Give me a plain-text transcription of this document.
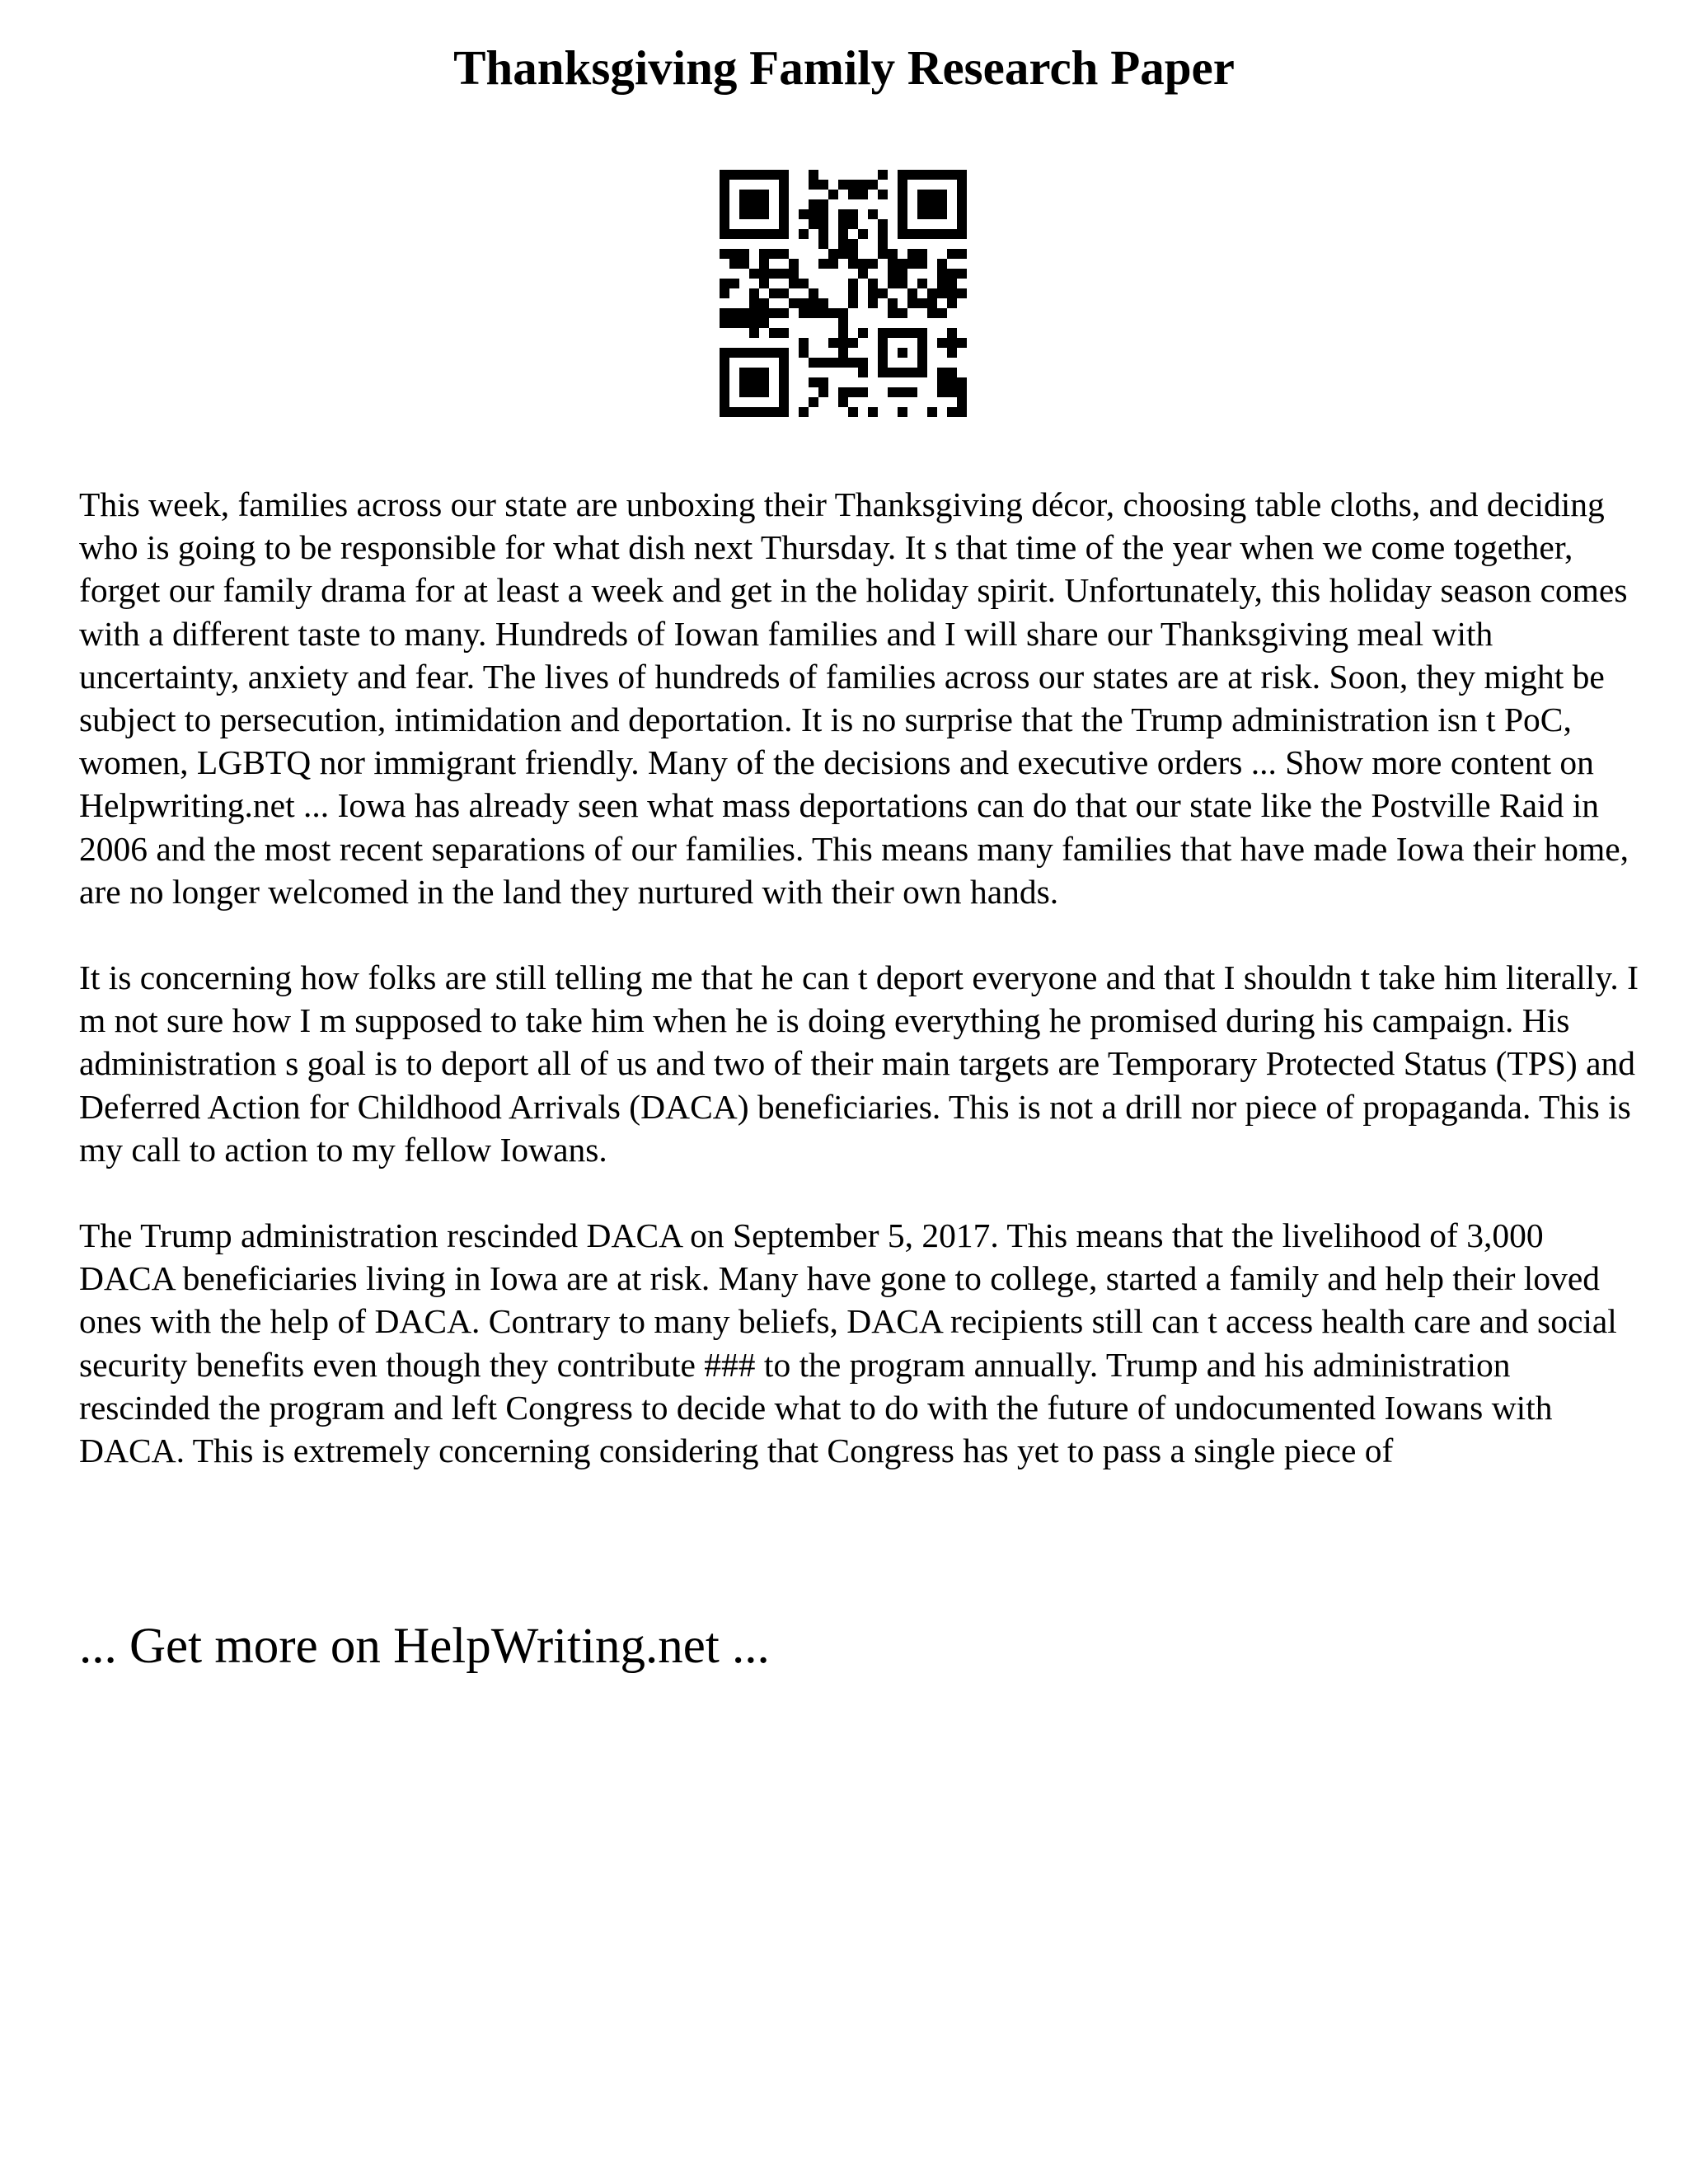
Thanksgiving Family Research Paper

This week, families across our state are unboxing their Thanksgiving décor, choosing table cloths, and deciding who is going to be responsible for what dish next Thursday. It s that time of the year when we come together, forget our family drama for at least a week and get in the holiday spirit. Unfortunately, this holiday season comes with a different taste to many. Hundreds of Iowan families and I will share our Thanksgiving meal with uncertainty, anxiety and fear. The lives of hundreds of families across our states are at risk. Soon, they might be subject to persecution, intimidation and deportation. It is no surprise that the Trump administration isn t PoC, women, LGBTQ nor immigrant friendly. Many of the decisions and executive orders ... Show more content on Helpwriting.net ... Iowa has already seen what mass deportations can do that our state like the Postville Raid in 2006 and the most recent separations of our families. This means many families that have made Iowa their home, are no longer welcomed in the land they nurtured with their own hands.

It is concerning how folks are still telling me that he can t deport everyone and that I shouldn t take him literally. I m not sure how I m supposed to take him when he is doing everything he promised during his campaign. His administration s goal is to deport all of us and two of their main targets are Temporary Protected Status (TPS) and Deferred Action for Childhood Arrivals (DACA) beneficiaries. This is not a drill nor piece of propaganda. This is my call to action to my fellow Iowans.

The Trump administration rescinded DACA on September 5, 2017. This means that the livelihood of 3,000 DACA beneficiaries living in Iowa are at risk. Many have gone to college, started a family and help their loved ones with the help of DACA. Contrary to many beliefs, DACA recipients still can t access health care and social security benefits even though they contribute ### to the program annually. Trump and his administration rescinded the program and left Congress to decide what to do with the future of undocumented Iowans with DACA. This is extremely concerning considering that Congress has yet to pass a single piece of

... Get more on HelpWriting.net ...
